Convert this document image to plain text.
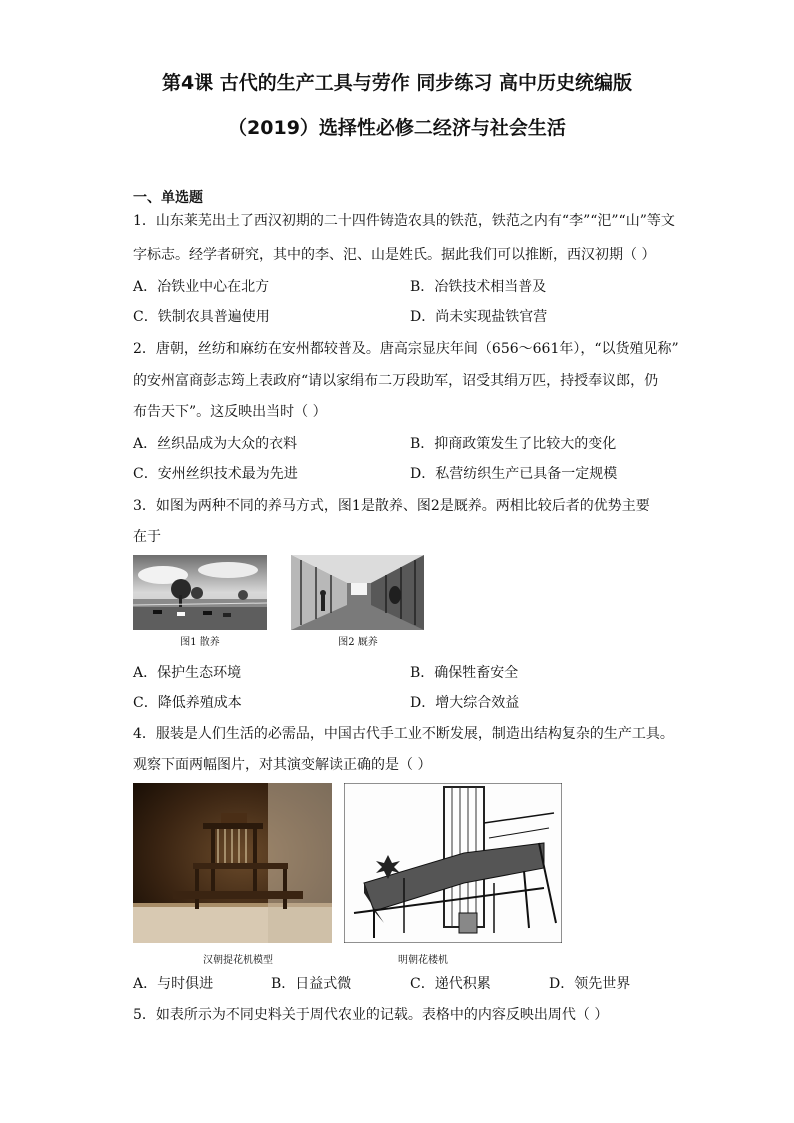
第4课 古代的生产工具与劳作 同步练习 高中历史统编版
（2019）选择性必修二经济与社会生活
一、单选题
1．山东莱芜出土了西汉初期的二十四件铸造农具的铁范，铁范之内有“李”“汜”“山”等文
字标志。经学者研究，其中的李、汜、山是姓氏。据此我们可以推断，西汉初期（ ）
A．冶铁业中心在北方	B．冶铁技术相当普及
C．铁制农具普遍使用	D．尚未实现盐铁官营
2．唐朝，丝纺和麻纺在安州都较普及。唐高宗显庆年间（656～661年），“以货殖见称”
的安州富商彭志筠上表政府“请以家绢布二万段助军，诏受其绢万匹，持授奉议郎，仍
布告天下”。这反映出当时（ ）
A．丝织品成为大众的衣料	B．抑商政策发生了比较大的变化
C．安州丝织技术最为先进	D．私营纺织生产已具备一定规模
3．如图为两种不同的养马方式，图1是散养、图2是厩养。两相比较后者的优势主要
在于
图1 散养	图2 厩养
A．保护生态环境	B．确保牲畜安全
C．降低养殖成本	D．增大综合效益
4．服装是人们生活的必需品，中国古代手工业不断发展，制造出结构复杂的生产工具。
观察下面两幅图片，对其演变解读正确的是（ ）
汉朝提花机模型	明朝花楼机
A．与时俱进	B．日益式微	C．递代积累	D．领先世界
5．如表所示为不同史料关于周代农业的记载。表格中的内容反映出周代（ ）
